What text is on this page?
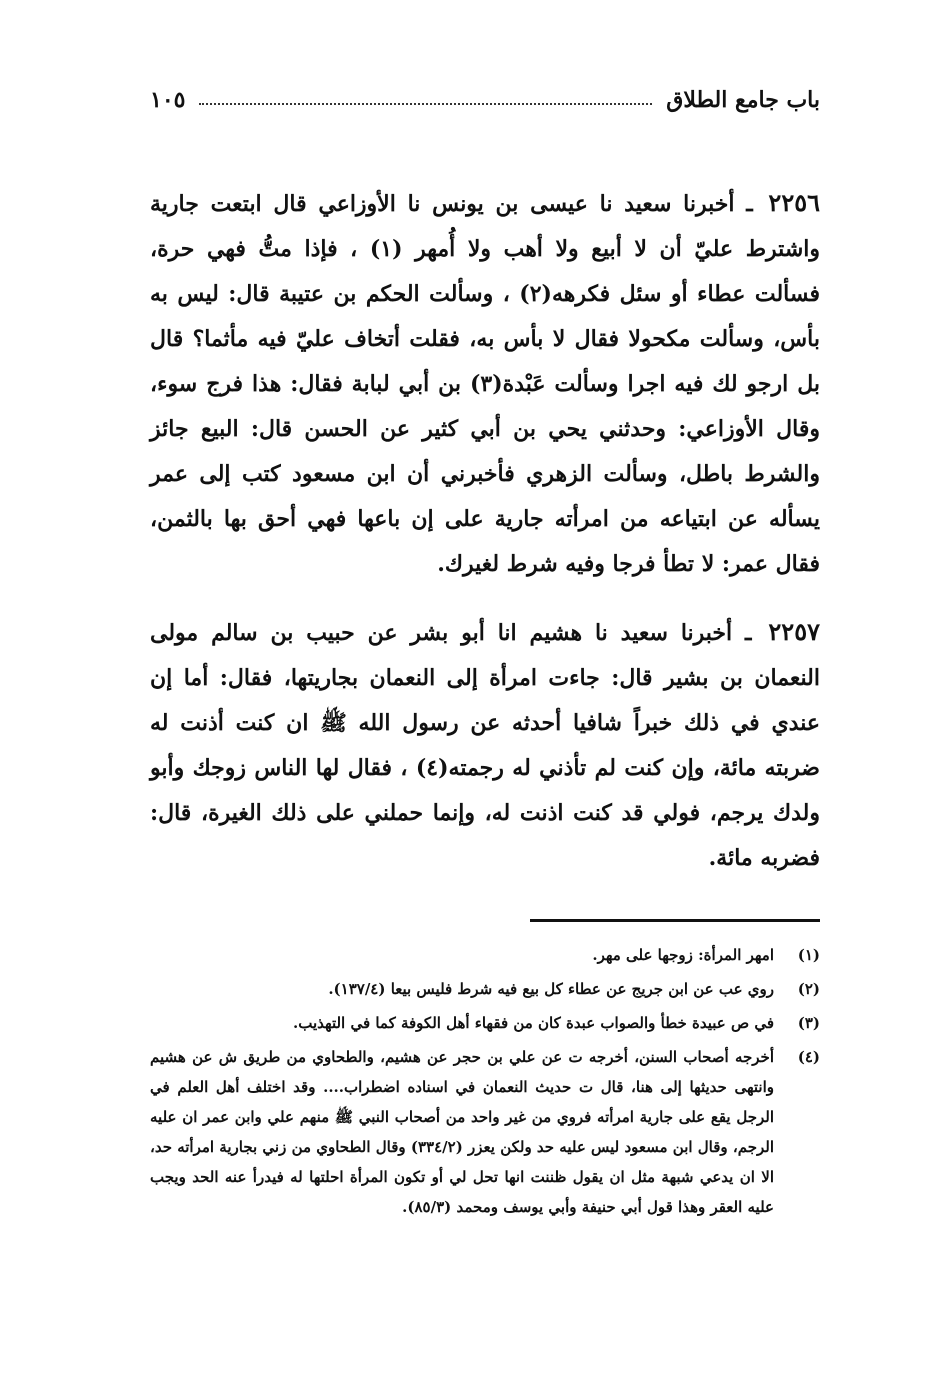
باب جامع الطلاق
١٠٥

٢٢٥٦ ـ أخبرنا سعيد نا عيسى بن يونس نا الأوزاعي قال ابتعت جارية واشترط عليّ أن لا أبيع ولا أهب ولا أُمهر (١) ، فإذا متُّ فهي حرة، فسألت عطاء أو سئل فكرهه(٢) ، وسألت الحكم بن عتيبة قال: ليس به بأس، وسألت مكحولا فقال لا بأس به، فقلت أتخاف عليّ فيه مأثما؟ قال بل ارجو لك فيه اجرا وسألت عَبْدة(٣) بن أبي لبابة فقال: هذا فرج سوء، وقال الأوزاعي: وحدثني يحي بن أبي كثير عن الحسن قال: البيع جائز والشرط باطل، وسألت الزهري فأخبرني أن ابن مسعود كتب إلى عمر يسأله عن ابتياعه من امرأته جارية على إن باعها فهي أحق بها بالثمن، فقال عمر: لا تطأ فرجا وفيه شرط لغيرك.

٢٢٥٧ ـ أخبرنا سعيد نا هشيم انا أبو بشر عن حبيب بن سالم مولى النعمان بن بشير قال: جاءت امرأة إلى النعمان بجاريتها، فقال: أما إن عندي في ذلك خبراً شافيا أحدثه عن رسول الله ﷺ ان كنت أذنت له ضربته مائة، وإن كنت لم تأذني له رجمته(٤) ، فقال لها الناس زوجك وأبو ولدك يرجم، فولي قد كنت اذنت له، وإنما حملني على ذلك الغيرة، قال: فضربه مائة.

(١)
امهر المرأة: زوجها على مهر.
(٢)
روي عب عن ابن جريج عن عطاء كل بيع فيه شرط فليس بيعا (١٣٧/٤).
(٣)
في ص عبيدة خطأ والصواب عبدة كان من فقهاء أهل الكوفة كما في التهذيب.
(٤)
أخرجه أصحاب السنن، أخرجه ت عن علي بن حجر عن هشيم، والطحاوي من طريق ش عن هشيم وانتهى حديثها إلى هنا، قال ت حديث النعمان في اسناده اضطراب.... وقد اختلف أهل العلم في الرجل يقع على جارية امرأته فروي من غير واحد من أصحاب النبي ﷺ منهم علي وابن عمر ان عليه الرجم، وقال ابن مسعود ليس عليه حد ولكن يعزر (٣٣٤/٢) وقال الطحاوي من زني بجارية امرأته حد، الا ان يدعي شبهة مثل ان يقول ظننت انها تحل لي أو تكون المرأة احلتها له فيدرأ عنه الحد ويجب عليه العقر وهذا قول أبي حنيفة وأبي يوسف ومحمد (٨٥/٣).
